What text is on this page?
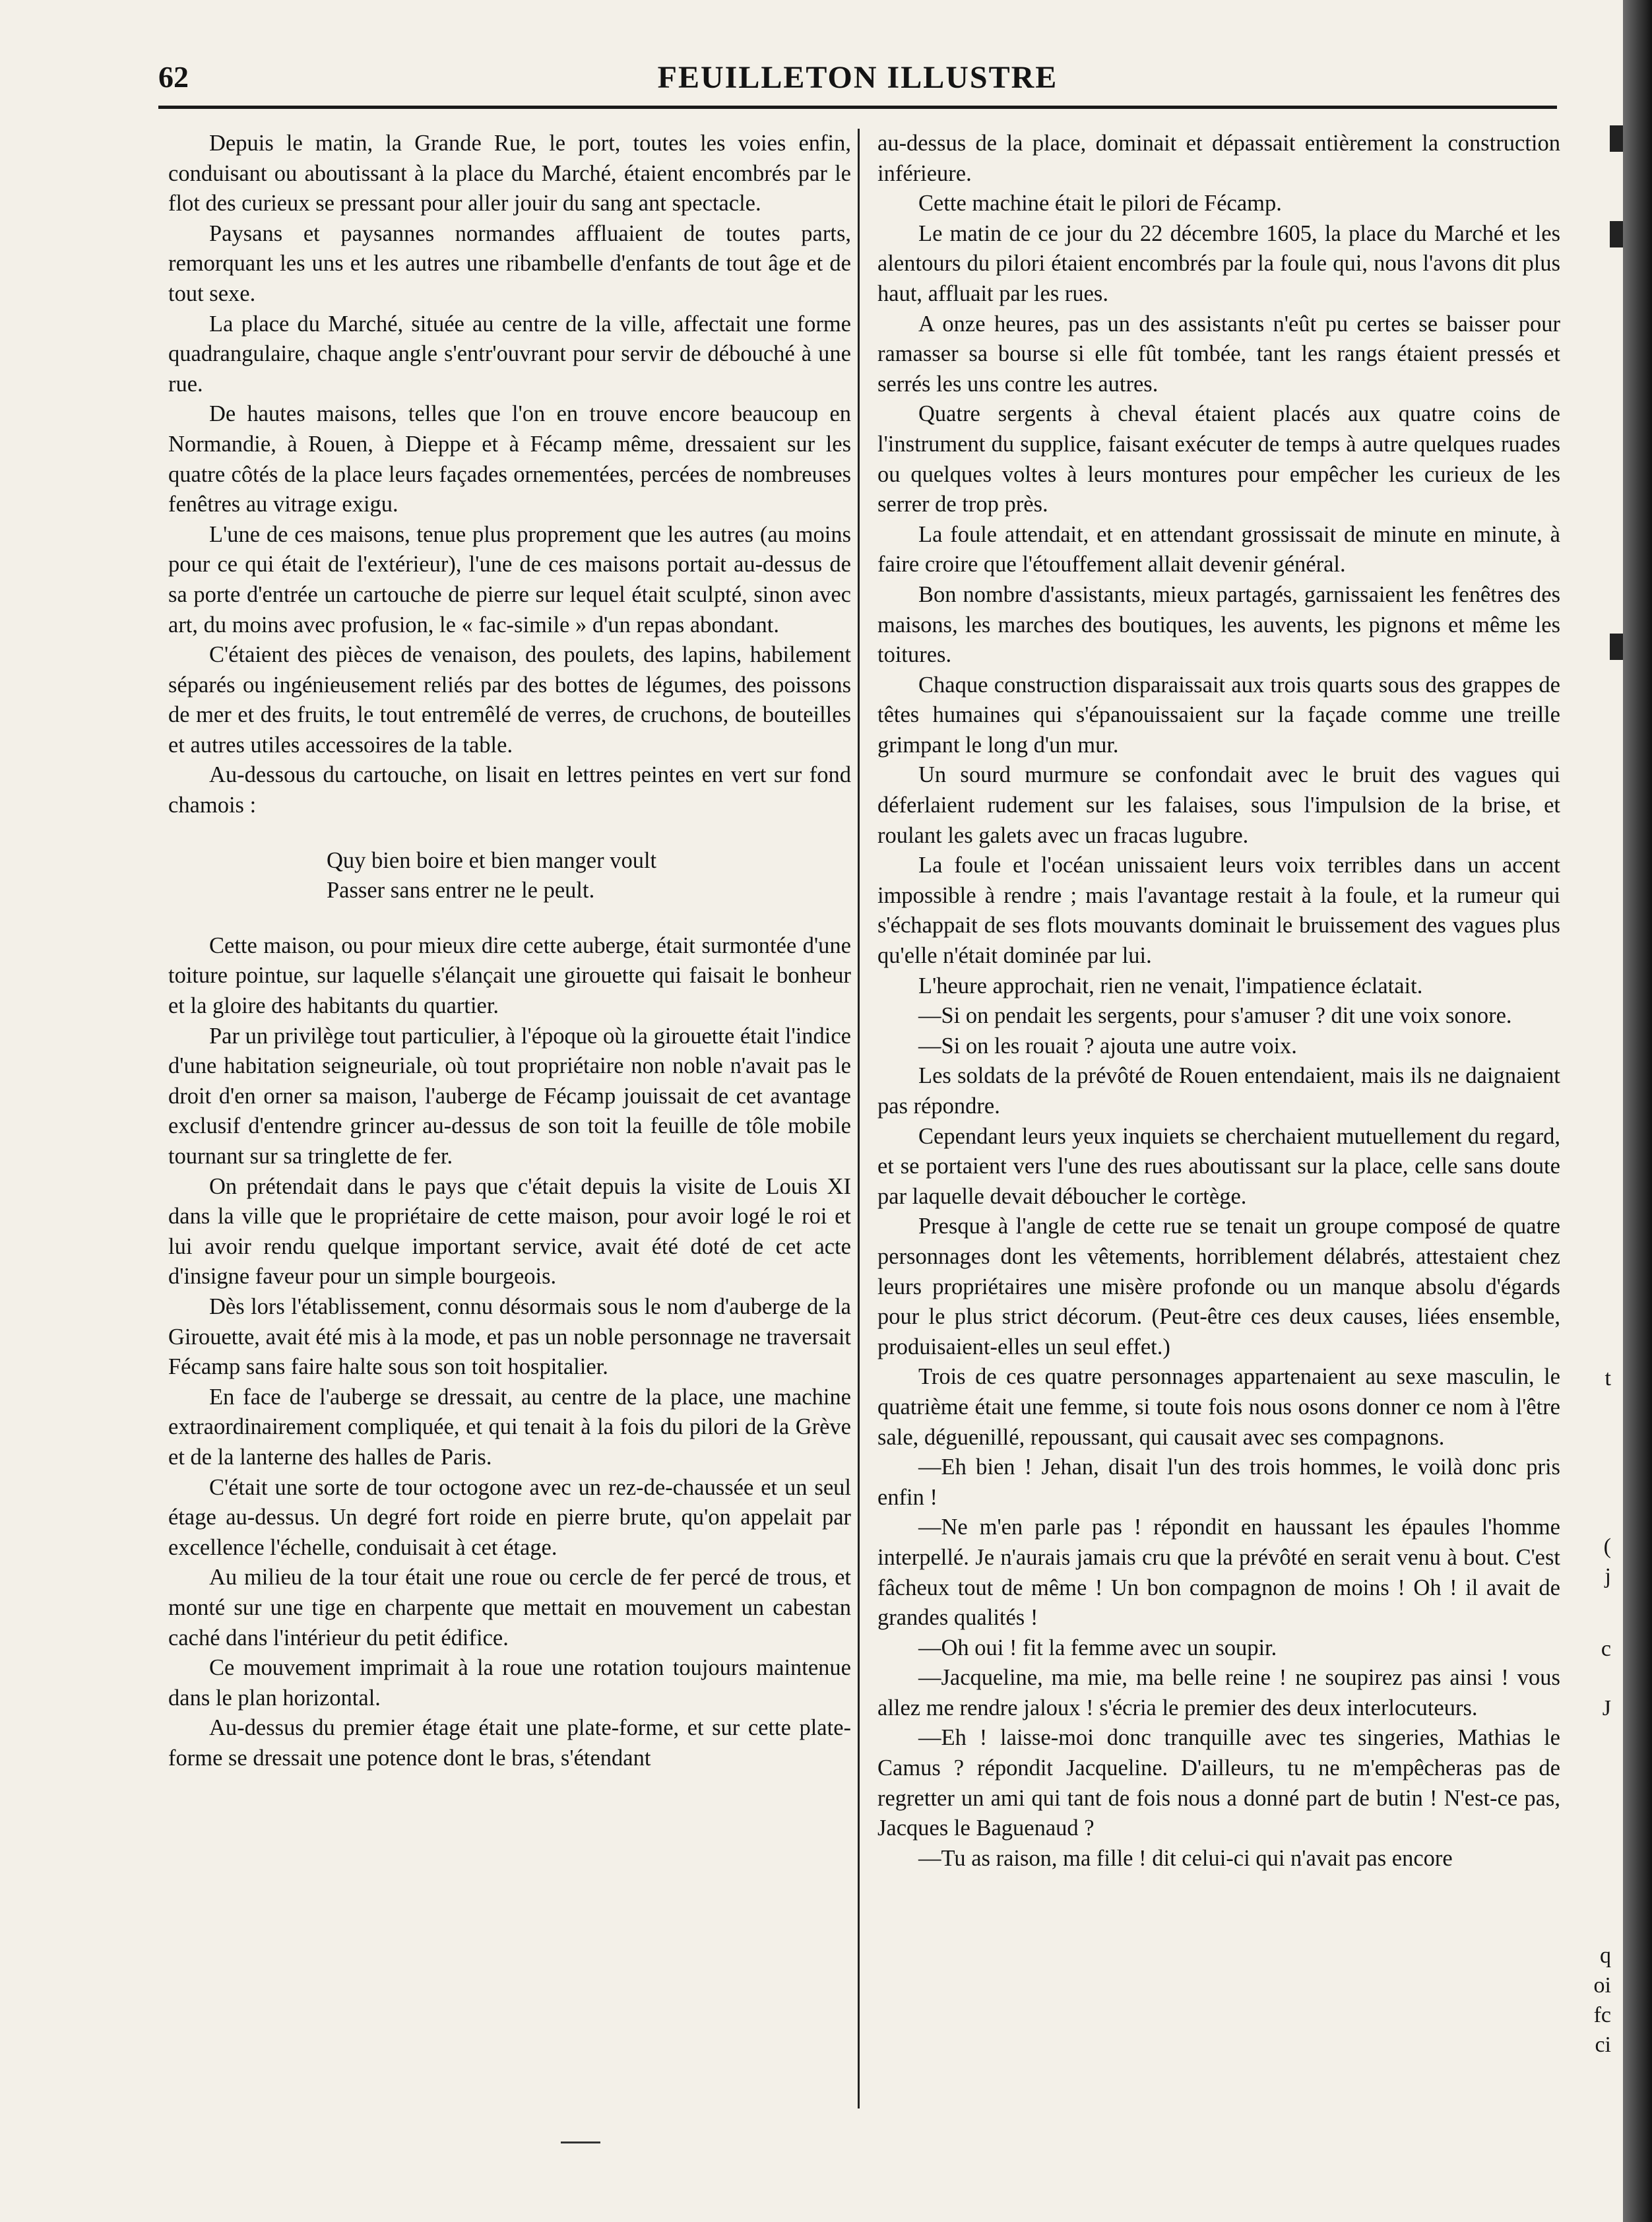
FEUILLETON ILLUSTRE
62

Depuis le matin, la Grande Rue, le port, toutes les voies enfin, conduisant ou aboutissant à la place du Marché, étaient encombrés par le flot des curieux se pressant pour aller jouir du sang ant spectacle.

Paysans et paysannes normandes affluaient de toutes parts, remorquant les uns et les autres une ribambelle d'enfants de tout âge et de tout sexe.

La place du Marché, située au centre de la ville, affectait une forme quadrangulaire, chaque angle s'entr'ouvrant pour servir de débouché à une rue.

De hautes maisons, telles que l'on en trouve encore beaucoup en Normandie, à Rouen, à Dieppe et à Fécamp même, dressaient sur les quatre côtés de la place leurs façades ornementées, percées de nombreuses fenêtres au vitrage exigu.

L'une de ces maisons, tenue plus proprement que les autres (au moins pour ce qui était de l'extérieur), l'une de ces maisons portait au-dessus de sa porte d'entrée un cartouche de pierre sur lequel était sculpté, sinon avec art, du moins avec profusion, le « fac-simile » d'un repas abondant.

C'étaient des pièces de venaison, des poulets, des lapins, habilement séparés ou ingénieusement reliés par des bottes de légumes, des poissons de mer et des fruits, le tout entremêlé de verres, de cruchons, de bouteilles et autres utiles accessoires de la table.

Au-dessous du cartouche, on lisait en lettres peintes en vert sur fond chamois :

Quy bien boire et bien manger voult
Passer sans entrer ne le peult.

Cette maison, ou pour mieux dire cette auberge, était surmontée d'une toiture pointue, sur laquelle s'élançait une girouette qui faisait le bonheur et la gloire des habitants du quartier.

Par un privilège tout particulier, à l'époque où la girouette était l'indice d'une habitation seigneuriale, où tout propriétaire non noble n'avait pas le droit d'en orner sa maison, l'auberge de Fécamp jouissait de cet avantage exclusif d'entendre grincer au-dessus de son toit la feuille de tôle mobile tournant sur sa tringlette de fer.

On prétendait dans le pays que c'était depuis la visite de Louis XI dans la ville que le propriétaire de cette maison, pour avoir logé le roi et lui avoir rendu quelque important service, avait été doté de cet acte d'insigne faveur pour un simple bourgeois.

Dès lors l'établissement, connu désormais sous le nom d'auberge de la Girouette, avait été mis à la mode, et pas un noble personnage ne traversait Fécamp sans faire halte sous son toit hospitalier.

En face de l'auberge se dressait, au centre de la place, une machine extraordinairement compliquée, et qui tenait à la fois du pilori de la Grève et de la lanterne des halles de Paris.

C'était une sorte de tour octogone avec un rez-de-chaussée et un seul étage au-dessus. Un degré fort roide en pierre brute, qu'on appelait par excellence l'échelle, conduisait à cet étage.

Au milieu de la tour était une roue ou cercle de fer percé de trous, et monté sur une tige en charpente que mettait en mouvement un cabestan caché dans l'intérieur du petit édifice.

Ce mouvement imprimait à la roue une rotation toujours maintenue dans le plan horizontal.

Au-dessus du premier étage était une plate-forme, et sur cette plate-forme se dressait une potence dont le bras, s'étendant

au-dessus de la place, dominait et dépassait entièrement la construction inférieure.

Cette machine était le pilori de Fécamp.

Le matin de ce jour du 22 décembre 1605, la place du Marché et les alentours du pilori étaient encombrés par la foule qui, nous l'avons dit plus haut, affluait par les rues.

A onze heures, pas un des assistants n'eût pu certes se baisser pour ramasser sa bourse si elle fût tombée, tant les rangs étaient pressés et serrés les uns contre les autres.

Quatre sergents à cheval étaient placés aux quatre coins de l'instrument du supplice, faisant exécuter de temps à autre quelques ruades ou quelques voltes à leurs montures pour empêcher les curieux de les serrer de trop près.

La foule attendait, et en attendant grossissait de minute en minute, à faire croire que l'étouffement allait devenir général.

Bon nombre d'assistants, mieux partagés, garnissaient les fenêtres des maisons, les marches des boutiques, les auvents, les pignons et même les toitures.

Chaque construction disparaissait aux trois quarts sous des grappes de têtes humaines qui s'épanouissaient sur la façade comme une treille grimpant le long d'un mur.

Un sourd murmure se confondait avec le bruit des vagues qui déferlaient rudement sur les falaises, sous l'impulsion de la brise, et roulant les galets avec un fracas lugubre.

La foule et l'océan unissaient leurs voix terribles dans un accent impossible à rendre ; mais l'avantage restait à la foule, et la rumeur qui s'échappait de ses flots mouvants dominait le bruissement des vagues plus qu'elle n'était dominée par lui.

L'heure approchait, rien ne venait, l'impatience éclatait.

—Si on pendait les sergents, pour s'amuser ? dit une voix sonore.

—Si on les rouait ? ajouta une autre voix.

Les soldats de la prévôté de Rouen entendaient, mais ils ne daignaient pas répondre.

Cependant leurs yeux inquiets se cherchaient mutuellement du regard, et se portaient vers l'une des rues aboutissant sur la place, celle sans doute par laquelle devait déboucher le cortège.

Presque à l'angle de cette rue se tenait un groupe composé de quatre personnages dont les vêtements, horriblement délabrés, attestaient chez leurs propriétaires une misère profonde ou un manque absolu d'égards pour le plus strict décorum. (Peut-être ces deux causes, liées ensemble, produisaient-elles un seul effet.)

Trois de ces quatre personnages appartenaient au sexe masculin, le quatrième était une femme, si toute fois nous osons donner ce nom à l'être sale, déguenillé, repoussant, qui causait avec ses compagnons.

—Eh bien ! Jehan, disait l'un des trois hommes, le voilà donc pris enfin !

—Ne m'en parle pas ! répondit en haussant les épaules l'homme interpellé. Je n'aurais jamais cru que la prévôté en serait venu à bout. C'est fâcheux tout de même ! Un bon compagnon de moins ! Oh ! il avait de grandes qualités !

—Oh oui ! fit la femme avec un soupir.

—Jacqueline, ma mie, ma belle reine ! ne soupirez pas ainsi ! vous allez me rendre jaloux ! s'écria le premier des deux interlocuteurs.

—Eh ! laisse-moi donc tranquille avec tes singeries, Mathias le Camus ? répondit Jacqueline. D'ailleurs, tu ne m'empêcheras pas de regretter un ami qui tant de fois nous a donné part de butin ! N'est-ce pas, Jacques le Baguenaud ?

—Tu as raison, ma fille ! dit celui-ci qui n'avait pas encore

t
(
j
c
J
q
oi
fc
ci
